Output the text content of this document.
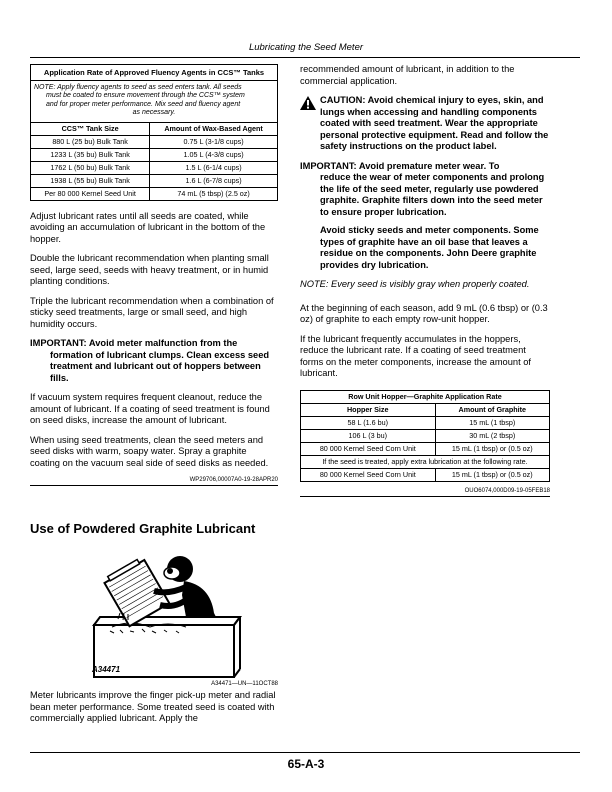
Lubricating the Seed Meter
Application Rate of Approved Fluency Agents in CCS™ Tanks	
NOTE: Apply fluency agents to seed as seed enters tank. All seeds
must be coated to ensure movement through the CCS™ system
and for proper meter performance. Mix seed and fluency agent
as necessary.	

CCS™ Tank Size	Amount of Wax-Based Agent
880 L (25 bu) Bulk Tank	0.75 L (3-1/8 cups)
1233 L (35 bu) Bulk Tank	1.05 L (4-3/8 cups)
1762 L (50 bu) Bulk Tank	1.5 L (6-1/4 cups)
1938 L (55 bu) Bulk Tank	1.6 L (6-7/8 cups)
Per 80 000 Kernel Seed Unit	74 mL (5 tbsp) (2.5 oz)

Adjust lubricant rates until all seeds are coated, while avoiding an accumulation of lubricant in the bottom of the hopper.

Double the lubricant recommendation when planting small seed, large seed, seeds with heavy treatment, or in humid planting conditions.

Triple the lubricant recommendation when a combination of sticky seed treatments, large or small seed, and high humidity occurs.

IMPORTANT: Avoid meter malfunction from the
formation of lubricant clumps. Clean excess seed treatment and lubricant out of hoppers between fills.

If vacuum system requires frequent cleanout, reduce the amount of lubricant. If a coating of seed treatment is found on seed disks, increase the amount of lubricant.

When using seed treatments, clean the seed meters and seed disks with warm, soapy water. Spray a graphite coating on the vacuum seal side of seed disks as needed.

WP29706,00007A0-19-28APR20
Use of Powdered Graphite Lubricant
A34471
A34471—UN—11OCT88

Meter lubricants improve the finger pick-up meter and radial bean meter performance. Some treated seed is coated with commercially applied lubricant. Apply the

recommended amount of lubricant, in addition to the commercial application.

CAUTION: Avoid chemical injury to eyes, skin, and lungs when accessing and handling components coated with seed treatment. Wear the appropriate personal protective equipment. Read and follow the safety instructions on the product label.
IMPORTANT: Avoid premature meter wear. To
reduce the wear of meter components and prolong the life of the seed meter, regularly use powdered graphite. Graphite filters down into the seed meter to ensure proper lubrication.
Avoid sticky seeds and meter components. Some types of graphite have an oil base that leaves a residue on the components. John Deere graphite provides dry lubrication.

NOTE: Every seed is visibly gray when properly coated.

At the beginning of each season, add 9 mL (0.6 tbsp) or (0.3 oz) of graphite to each empty row-unit hopper.

If the lubricant frequently accumulates in the hoppers, reduce the lubricant rate. If a coating of seed treatment forms on the meter components, increase the amount of lubricant.

Row Unit Hopper—Graphite Application Rate	
Hopper Size	Amount of Graphite
58 L (1.6 bu)	15 mL (1 tbsp)
106 L (3 bu)	30 mL (2 tbsp)
80 000 Kernel Seed Corn Unit	15 mL (1 tbsp) or (0.5 oz)
If the seed is treated, apply extra lubrication at the following rate.	
80 000 Kernel Seed Corn Unit	15 mL (1 tbsp) or (0.5 oz)
OUO6074,000D09-19-05FEB18
65-A-3
